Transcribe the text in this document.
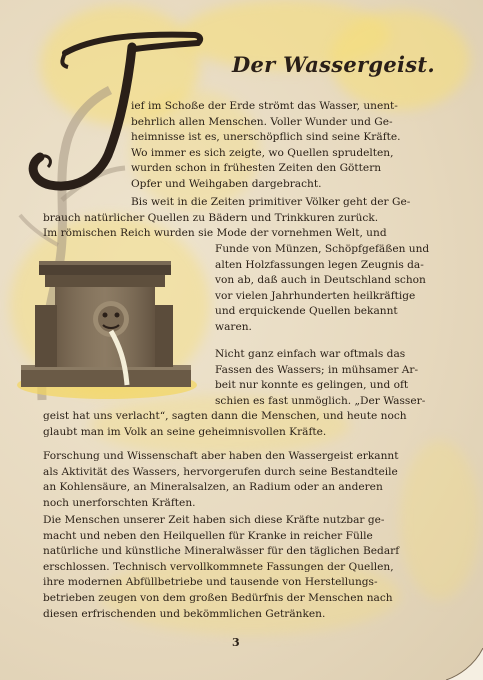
T
Der Wassergeist.

ief im Schoße der Erde strömt das Wasser, unent-

behrlich allen Menschen. Voller Wunder und Ge-

heimnisse ist es, unerschöpflich sind seine Kräfte.

Wo immer es sich zeigte, wo Quellen sprudelten,

wurden schon in frühesten Zeiten den Göttern

Opfer und Weihgaben dargebracht.

Bis weit in die Zeiten primitiver Völker geht der Ge-

brauch natürlicher Quellen zu Bädern und Trinkkuren zurück.

Im römischen Reich wurden sie Mode der vornehmen Welt, und

Funde von Münzen, Schöpfgefäßen und

alten Holzfassungen legen Zeugnis da-

von ab, daß auch in Deutschland schon

vor vielen Jahrhunderten heilkräftige

und erquickende Quellen bekannt

waren.

Nicht ganz einfach war oftmals das

Fassen des Wassers; in mühsamer Ar-

beit nur konnte es gelingen, und oft

schien es fast unmöglich. „Der Wasser-

geist hat uns verlacht“, sagten dann die Menschen, und heute noch

glaubt man im Volk an seine geheimnisvollen Kräfte.

Forschung und Wissenschaft aber haben den Wassergeist erkannt

als Aktivität des Wassers, hervorgerufen durch seine Bestandteile

an Kohlensäure, an Mineralsalzen, an Radium oder an anderen

noch unerforschten Kräften.

Die Menschen unserer Zeit haben sich diese Kräfte nutzbar ge-

macht und neben den Heilquellen für Kranke in reicher Fülle

natürliche und künstliche Mineralwässer für den täglichen Bedarf

erschlossen. Technisch vervollkommnete Fassungen der Quellen,

ihre modernen Abfüllbetriebe und tausende von Herstellungs-

betrieben zeugen von dem großen Bedürfnis der Menschen nach

diesen erfrischenden und bekömmlichen Getränken.

3
